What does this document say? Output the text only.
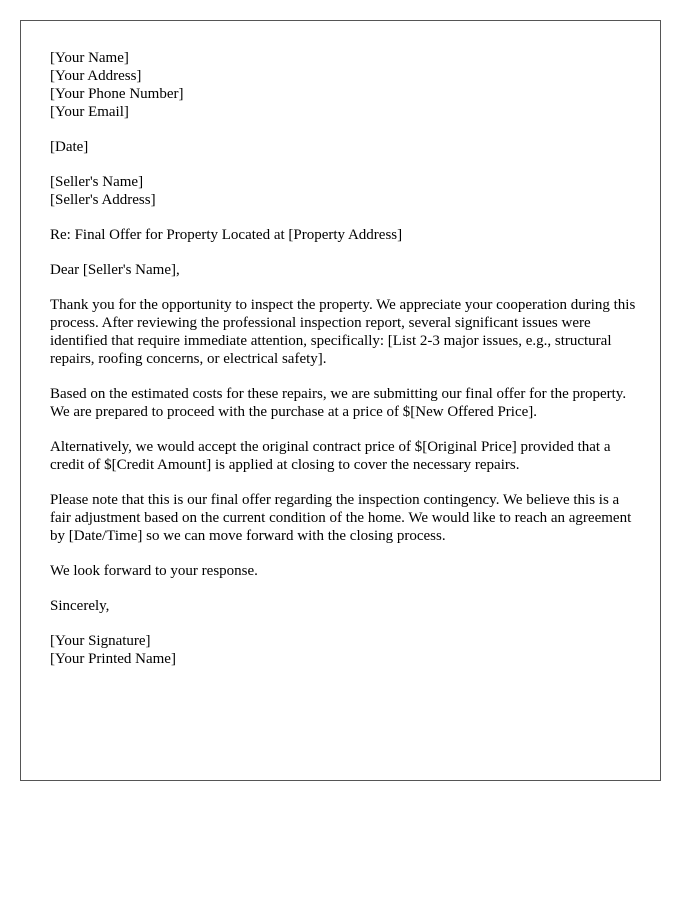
[Your Name]
[Your Address]
[Your Phone Number]
[Your Email]
[Date]
[Seller's Name]
[Seller's Address]
Re: Final Offer for Property Located at [Property Address]
Dear [Seller's Name],

Thank you for the opportunity to inspect the property. We appreciate your cooperation during this process. After reviewing the professional inspection report, several significant issues were identified that require immediate attention, specifically: [List 2-3 major issues, e.g., structural repairs, roofing concerns, or electrical safety].

Based on the estimated costs for these repairs, we are submitting our final offer for the property. We are prepared to proceed with the purchase at a price of $[New Offered Price].

Alternatively, we would accept the original contract price of $[Original Price] provided that a credit of $[Credit Amount] is applied at closing to cover the necessary repairs.

Please note that this is our final offer regarding the inspection contingency. We believe this is a fair adjustment based on the current condition of the home. We would like to reach an agreement by [Date/Time] so we can move forward with the closing process.

We look forward to your response.

Sincerely,
[Your Signature]
[Your Printed Name]
